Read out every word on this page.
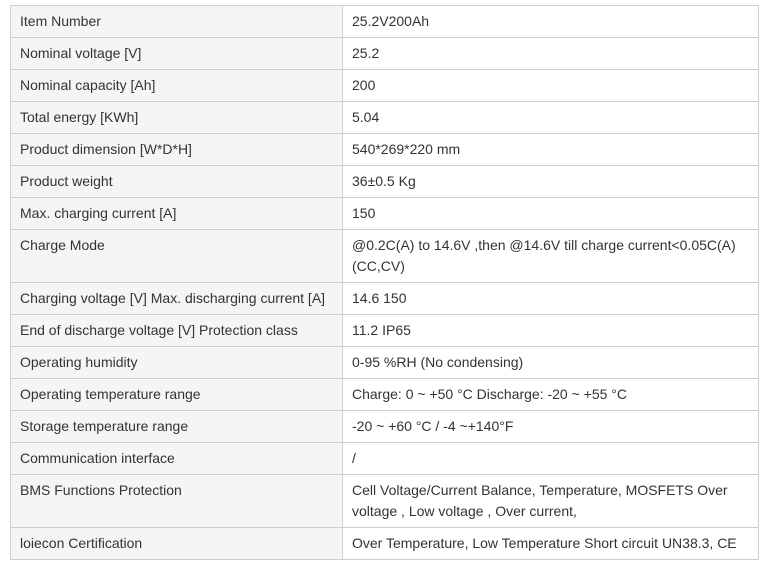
Item Number	25.2V200Ah
Nominal voltage [V]	25.2
Nominal capacity [Ah]	200
Total energy [KWh]	5.04
Product dimension [W*D*H]	540*269*220 mm
Product weight	36±0.5 Kg
Max. charging current [A]	150
Charge Mode	@0.2C(A) to 14.6V ,then @14.6V till charge current<0.05C(A) (CC,CV)
Charging voltage [V] Max. discharging current [A]	14.6 150
End of discharge voltage [V] Protection class	11.2 IP65
Operating humidity	0-95 %RH (No condensing)
Operating temperature range	Charge: 0 ~ +50 °C Discharge: -20 ~ +55 °C
Storage temperature range	-20 ~ +60 °C / -4 ~+140°F
Communication interface	/
BMS Functions Protection	Cell Voltage/Current Balance, Temperature, MOSFETS Over voltage , Low voltage , Over current,
loiecon Certification	Over Temperature, Low Temperature Short circuit UN38.3, CE
